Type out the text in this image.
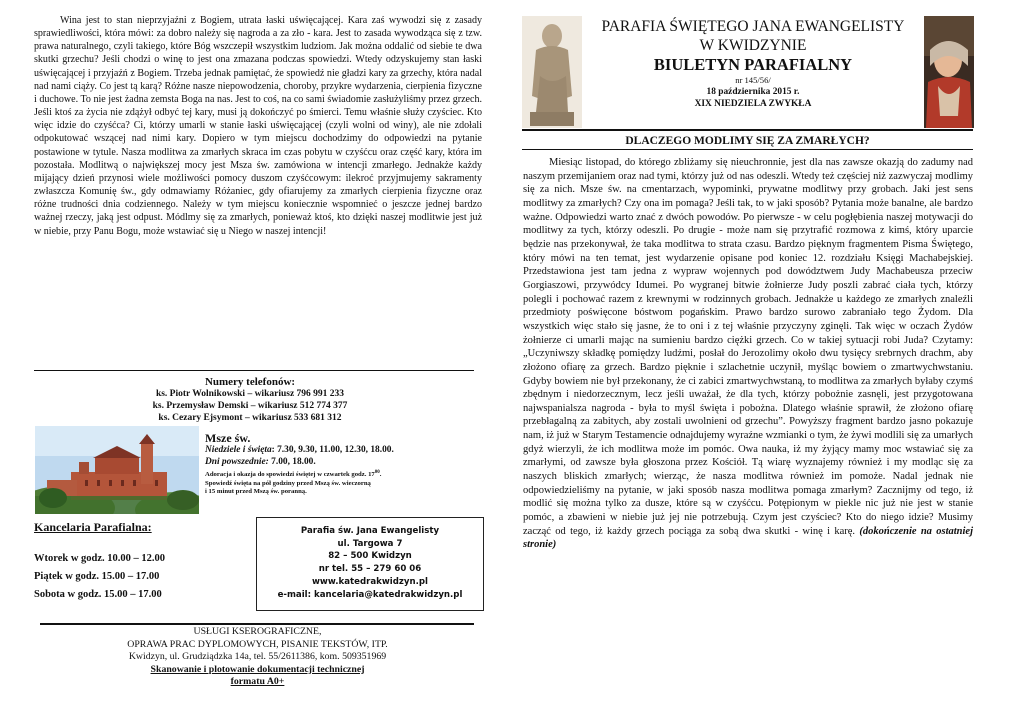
Wina jest to stan nieprzyjaźni z Bogiem, utrata łaski uświęcającej. Kara zaś wywodzi się z zasady sprawiedliwości, która mówi: za dobro należy się nagroda a za zło - kara. Jest to zasada wywodząca się z tzw. prawa naturalnego, czyli takiego, które Bóg wszczepił wszystkim ludziom. Jak można oddalić od siebie te dwa skutki grzechu? Jeśli chodzi o winę to jest ona zmazana podczas spowiedzi. Wtedy odzyskujemy stan łaski uświęcającej i przyjaźń z Bogiem. Trzeba jednak pamiętać, że spowiedź nie gładzi kary za grzechy, która nadal nad nami ciąży. Co jest tą karą? Różne nasze niepowodzenia, choroby, przykre wydarzenia, cierpienia fizyczne i duchowe. To nie jest żadna zemsta Boga na nas. Jest to coś, na co sami świadomie zasłużyliśmy przez grzech. Jeśli ktoś za życia nie zdążył odbyć tej kary, musi ją dokończyć po śmierci. Temu właśnie służy czyściec. Kto więc idzie do czyśćca? Ci, którzy umarli w stanie łaski uświęcającej (czyli wolni od winy), ale nie zdołali odpokutować wszącej nad nimi kary. Dopiero w tym miejscu dochodzimy do odpowiedzi na pytanie postawione w tytule. Nasza modlitwa za zmarłych skraca im czas pobytu w czyśćcu oraz część kary, która im pozostała. Modlitwą o największej mocy jest Msza św. zamówiona w intencji zmarłego. Jednakże każdy mijający dzień przynosi wiele możliwości pomocy duszom czyśćcowym: ilekroć przyjmujemy sakramenty zwłaszcza Komunię św., gdy odmawiamy Różaniec, gdy ofiarujemy za zmarłych cierpienia fizyczne oraz różne trudności dnia codziennego. Należy w tym miejscu koniecznie wspomnieć o jeszcze jednej bardzo ważnej rzeczy, jaką jest odpust. Módlmy się za zmarłych, ponieważ ktoś, kto dzięki naszej modlitwie jest już w niebie, przy Panu Bogu, może wstawiać się u Niego w naszej intencji!
Numery telefonów:
ks. Piotr Wolnikowski – wikariusz 796 991 233
ks. Przemysław Demski – wikariusz 512 774 377
ks. Cezary Ejsymont – wikariusz 533 681 312
Msze św.
Niedziele i święta: 7.30, 9.30, 11.00, 12.30, 18.00.
Dni powszednie: 7.00, 18.00.
Adoracja i okazja do spowiedzi świętej w czwartek godz. $17^{00}$.
Spowiedź święta na pół godziny przed Mszą św. wieczorną
i 15 minut przed Mszą św. poranną.
Kancelaria Parafialna:
Wtorek w godz. 10.00 – 12.00
Piątek w godz. 15.00 – 17.00
Sobota w godz. 15.00 – 17.00
Parafia św. Jana Ewangelisty
ul. Targowa 7
82 – 500 Kwidzyn
nr tel. 55 – 279 60 06
www.katedrakwidzyn.pl
e-mail: kancelaria@katedrakwidzyn.pl
USŁUGI KSEROGRAFICZNE,
OPRAWA PRAC DYPLOMOWYCH, PISANIE TEKSTÓW, ITP.
Kwidzyn, ul. Grudziądzka 14a, tel. 55/2611386, kom. 509351969
Skanowanie i plotowanie dokumentacji technicznej
formatu A0+
PARAFIA ŚWIĘTEGO JANA EWANGELISTY
W KWIDZYNIE
BIULETYN PARAFIALNY
nr 145/56/
18 października 2015 r.
XIX NIEDZIELA ZWYKŁA
DLACZEGO MODLIMY SIĘ ZA ZMARŁYCH?

Miesiąc listopad, do którego zbliżamy się nieuchronnie, jest dla nas zawsze okazją do zadumy nad naszym przemijaniem oraz nad tymi, którzy już od nas odeszli. Wtedy też częściej niż zazwyczaj modlimy się za nich. Msze św. na cmentarzach, wypominki, prywatne modlitwy przy grobach. Jaki jest sens modlitwy za zmarłych? Czy ona im pomaga? Jeśli tak, to w jaki sposób? Pytania może banalne, ale bardzo ważne. Odpowiedzi warto znać z dwóch powodów. Po pierwsze - w celu pogłębienia naszej motywacji do modlitwy za tych, którzy odeszli. Po drugie - może nam się przytrafić rozmowa z kimś, który uparcie będzie nas przekonywał, że taka modlitwa to strata czasu. Bardzo pięknym fragmentem Pisma Świętego, który mówi na ten temat, jest wydarzenie opisane pod koniec 12. rozdziału Księgi Machabejskiej. Przedstawiona jest tam jedna z wypraw wojennych pod dowództwem Judy Machabeusza przeciw Gorgiaszowi, przywódcy Idumei. Po wygranej bitwie żołnierze Judy poszli zabrać ciała tych, którzy polegli i pochować razem z krewnymi w rodzinnych grobach. Jednakże u każdego ze zmarłych znaleźli przedmioty poświęcone bóstwom pogańskim. Prawo bardzo surowo zabraniało tego Żydom. Dla wszystkich więc stało się jasne, że to oni i z tej właśnie przyczyny zginęli. Tak więc w oczach Żydów żołnierze ci umarli mając na sumieniu bardzo ciężki grzech. Co w takiej sytuacji robi Juda? Czytamy: „Uczyniwszy składkę pomiędzy ludźmi, posłał do Jerozolimy około dwu tysięcy srebrnych drachm, aby złożono ofiarę za grzech. Bardzo pięknie i szlachetnie uczynił, myśląc bowiem o zmartwychwstaniu. Gdyby bowiem nie był przekonany, że ci zabici zmartwychwstaną, to modlitwa za zmarłych byłaby czymś zbędnym i niedorzecznym, lecz jeśli uważał, że dla tych, którzy pobożnie zasnęli, jest przygotowana najwspanialsza nagroda - była to myśl święta i pobożna. Dlatego właśnie sprawił, że złożono ofiarę przebłagalną za zabitych, aby zostali uwolnieni od grzechu”. Powyższy fragment bardzo jasno pokazuje nam, iż już w Starym Testamencie odnajdujemy wyraźne wzmianki o tym, że żywi modlili się za umarłych gdyż wierzyli, że ich modlitwa może im pomóc. Owa nauka, iż my żyjący mamy moc wstawiać się za zmarłymi, od zawsze była głoszona przez Kościół. Tą wiarę wyznajemy również i my modląc się za naszych bliskich zmarłych; wierząc, że nasza modlitwa również im pomoże. Nadal jednak nie odpowiedzieliśmy na pytanie, w jaki sposób nasza modlitwa pomaga zmarłym? Zacznijmy od tego, iż modlić się można tylko za dusze, które są w czyśćcu. Potępionym w piekle nic już nie jest w stanie pomóc, a zbawieni w niebie już jej nie potrzebują. Czym jest czyściec? Kto do niego idzie? Musimy zacząć od tego, iż każdy grzech pociąga za sobą dwa skutki - winę i karę. (dokończenie na ostatniej stronie)
